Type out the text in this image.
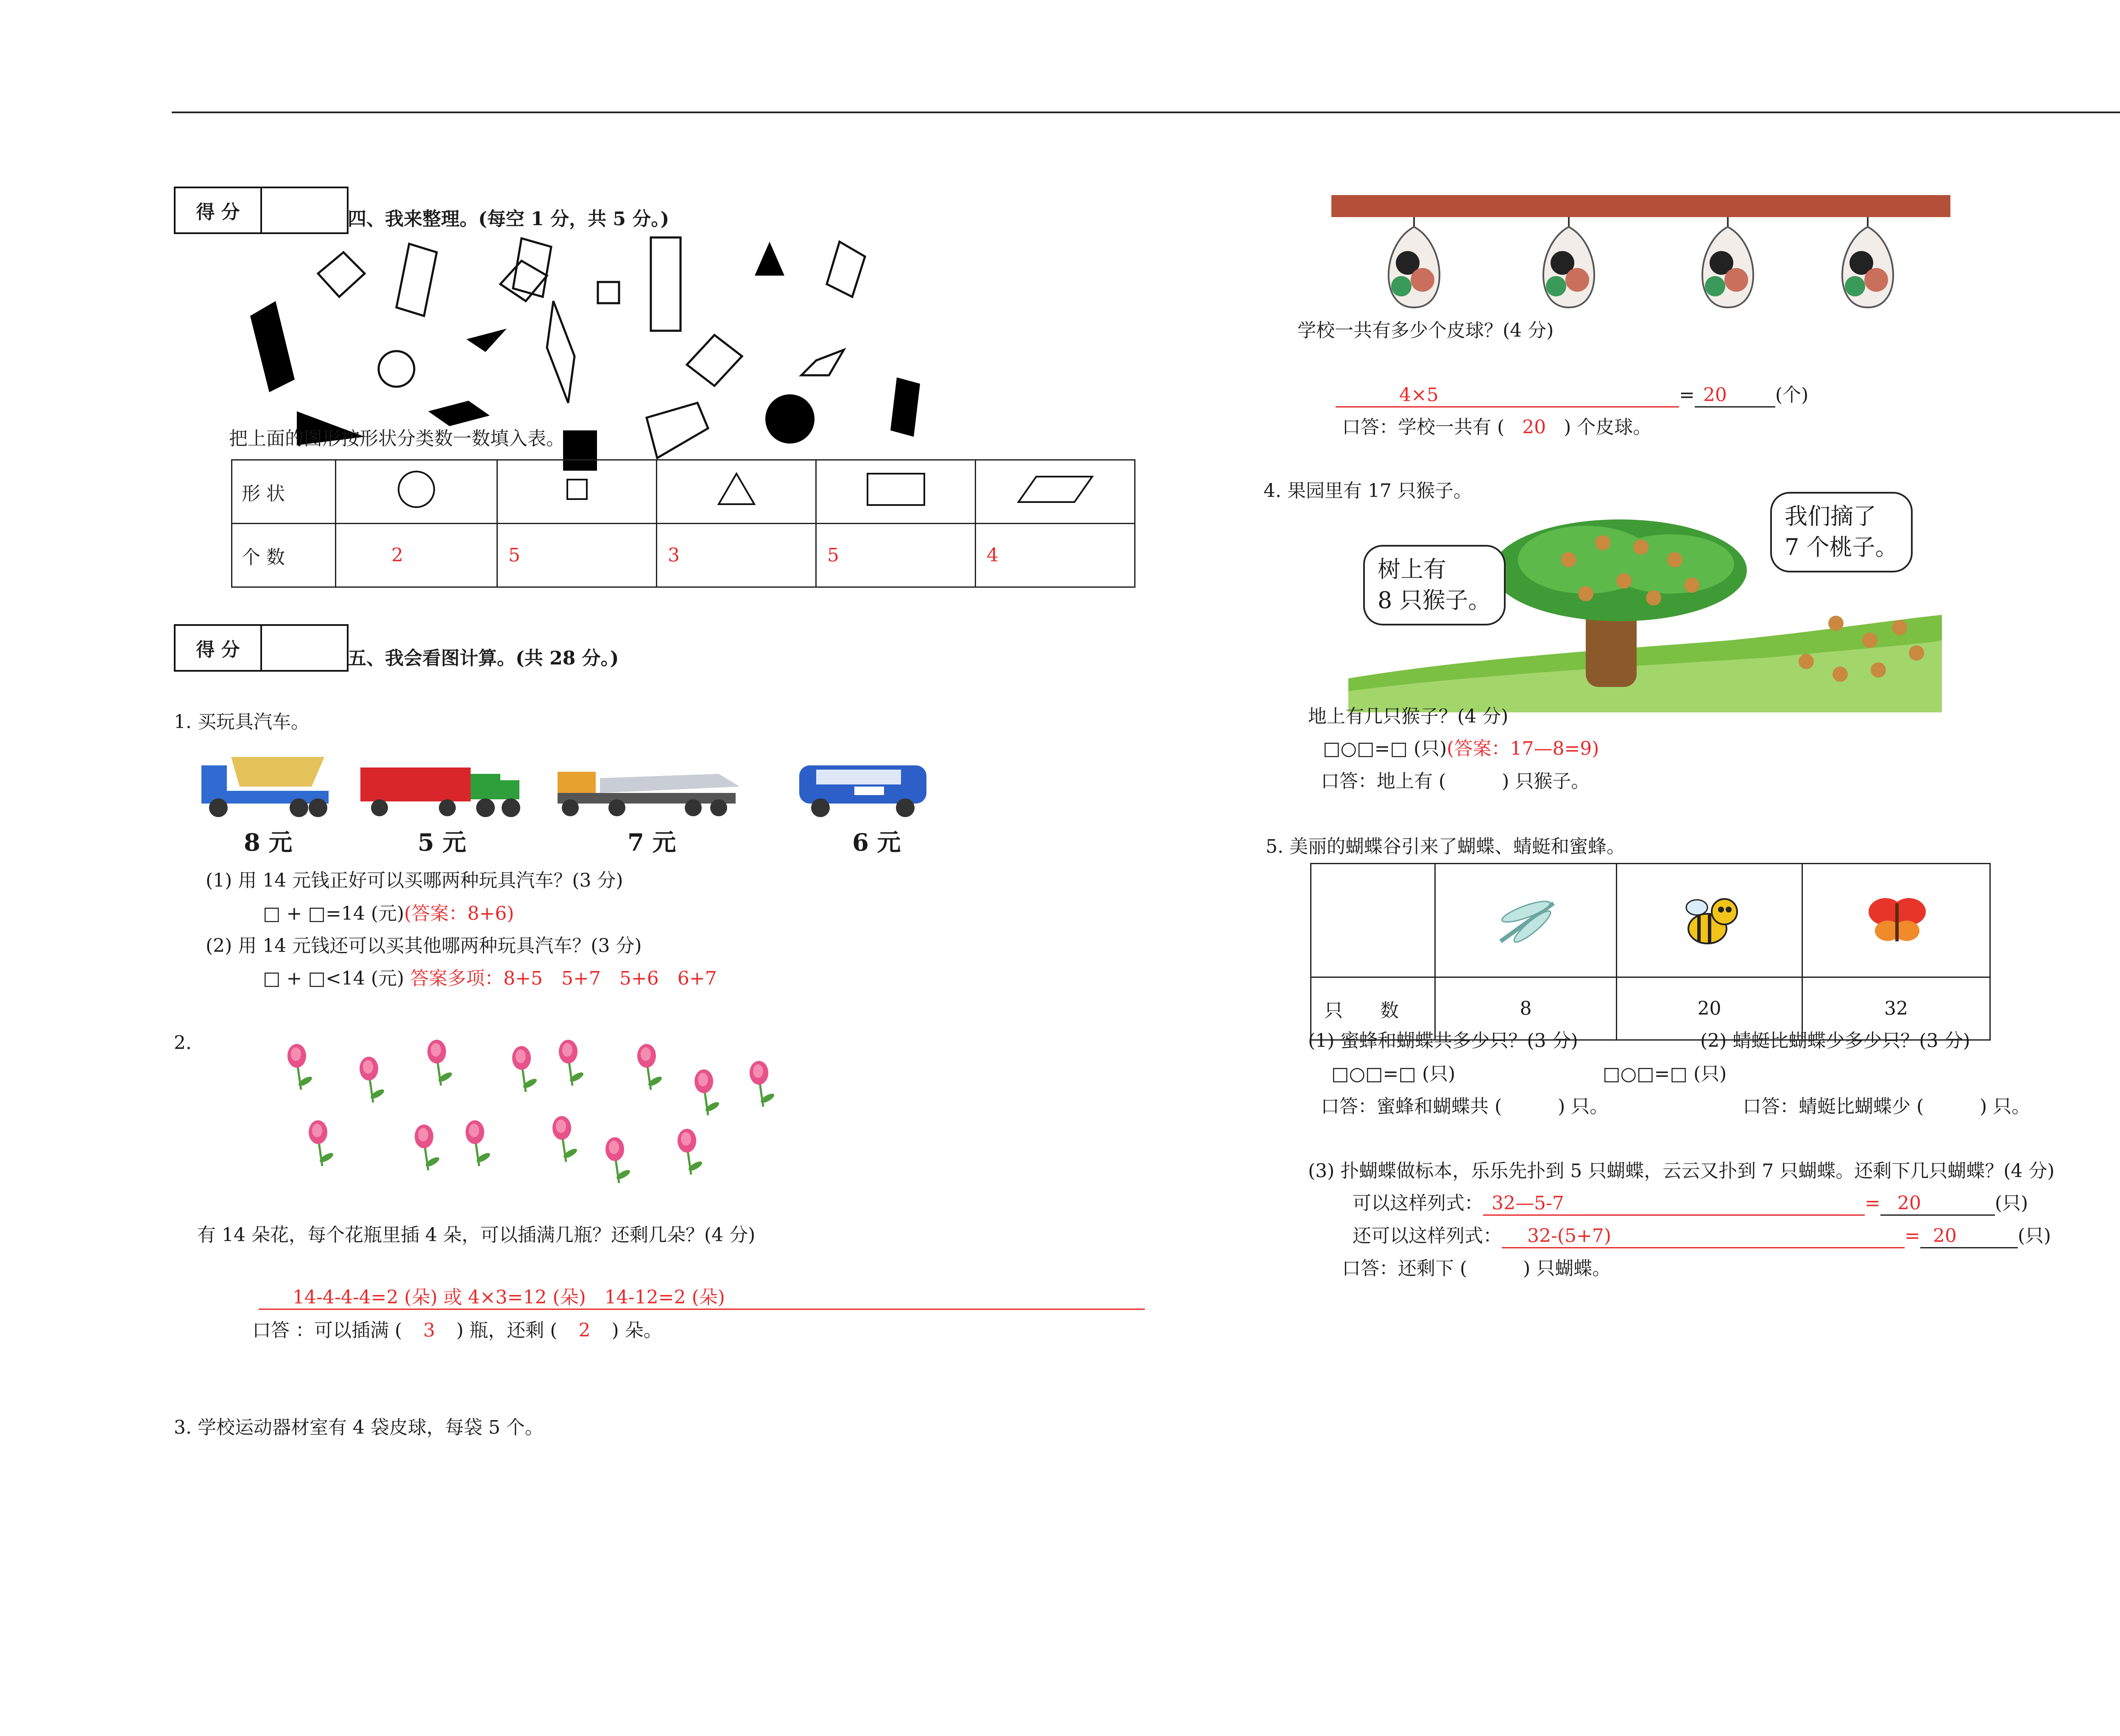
得 分	四、我来整理。(每空 1 分，共 5 分。)
把上面的图形按形状分类数一数填入表。
形 状					
个 数	2	5	3	5	4
得 分	五、我会看图计算。(共 28 分。)
1. 买玩具汽车。
8 元	5 元	7 元	6 元
(1) 用 14 元钱正好可以买哪两种玩具汽车？(3 分)
□ + □=14 (元)(答案：8+6)
(2) 用 14 元钱还可以买其他哪两种玩具汽车？(3 分)
□ + □<14 (元) 答案多项：8+5　5+7　5+6　6+7
2.
有 14 朵花，每个花瓶里插 4 朵，可以插满几瓶？还剩几朵？(4 分)
14-4-4-4=2 (朵) 或 4×3=12 (朵)　14-12=2 (朵)
口答 ：可以插满 ( 3 ) 瓶，还剩 ( 2 ) 朵。
3. 学校运动器材室有 4 袋皮球，每袋 5 个。
学校一共有多少个皮球？(4 分)
4×5	= 20	(个)
口答：学校一共有 ( 20 ) 个皮球。
4. 果园里有 17 只猴子。
树上有
8 只猴子。
我们摘了
7 个桃子。
地上有几只猴子？(4 分)
□○□=□ (只)(答案：17—8=9)
口答：地上有 (　　　) 只猴子。
5. 美丽的蝴蝶谷引来了蝴蝶、蜻蜓和蜜蜂。

只　　数	8	20	32
(1) 蜜蜂和蝴蝶共多少只？(3 分)	(2) 蜻蜓比蝴蝶少多少只？(3 分)
□○□=□ (只)	□○□=□ (只)
口答：蜜蜂和蝴蝶共 (　　　) 只。	口答：蜻蜓比蝴蝶少 (　　　) 只。
(3) 扑蝴蝶做标本，乐乐先扑到 5 只蝴蝶，云云又扑到 7 只蝴蝶。还剩下几只蝴蝶？(4 分)
可以这样列式： 32—5-7	= 20	(只)
还可以这样列式： 32-(5+7)	= 20	(只)
口答：还剩下 (　　　) 只蝴蝶。
